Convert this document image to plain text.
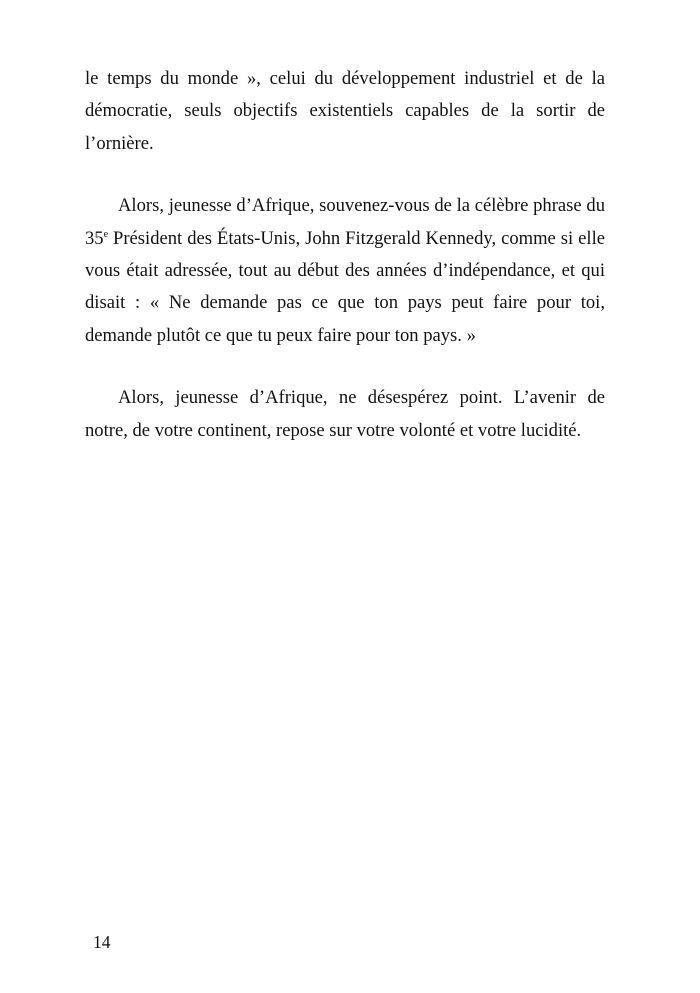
le temps du monde », celui du développement industriel et de la démocratie, seuls objectifs existentiels capables de la sortir de l’ornière.

Alors, jeunesse d’Afrique, souvenez-vous de la célèbre phrase du 35e Président des États-Unis, John Fitzgerald Kennedy, comme si elle vous était adressée, tout au début des années d’indépendance, et qui disait : « Ne demande pas ce que ton pays peut faire pour toi, demande plutôt ce que tu peux faire pour ton pays. »

Alors, jeunesse d’Afrique, ne désespérez point. L’avenir de notre, de votre continent, repose sur votre volonté et votre lucidité.

14
